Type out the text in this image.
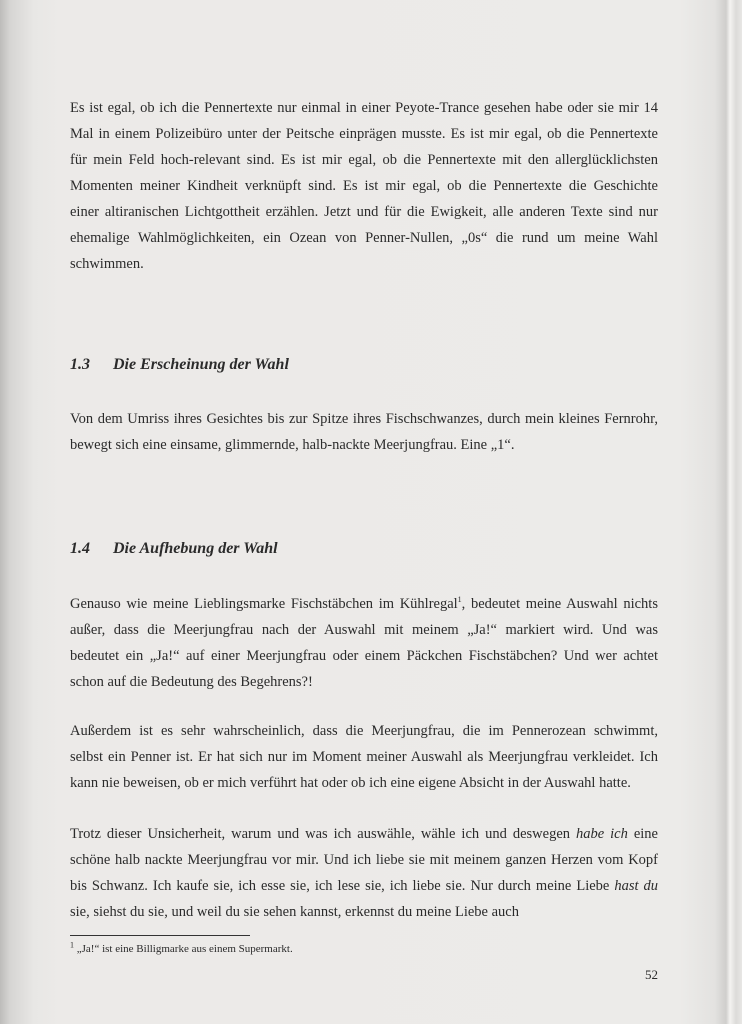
Es ist egal, ob ich die Pennertexte nur einmal in einer Peyote-Trance gesehen habe oder sie mir 14
Mal in einem Polizeibüro unter der Peitsche einprägen musste. Es ist mir egal, ob die Pennertexte
für mein Feld hoch-relevant sind. Es ist mir egal, ob die Pennertexte mit den allerglücklichsten
Momenten meiner Kindheit verknüpft sind. Es ist mir egal, ob die Pennertexte die Geschichte
einer altiranischen Lichtgottheit erzählen. Jetzt und für die Ewigkeit, alle anderen Texte sind nur
ehemalige Wahlmöglichkeiten, ein Ozean von Penner-Nullen, „0s“ die rund um meine Wahl
schwimmen.
1.3 Die Erscheinung der Wahl
Von dem Umriss ihres Gesichtes bis zur Spitze ihres Fischschwanzes, durch mein kleines Fernrohr,
bewegt sich eine einsame, glimmernde, halb-nackte Meerjungfrau. Eine „1“.
1.4 Die Aufhebung der Wahl
Genauso wie meine Lieblingsmarke Fischstäbchen im Kühlregal$^1$, bedeutet meine Auswahl nichts
außer, dass die Meerjungfrau nach der Auswahl mit meinem „Ja!“ markiert wird. Und was
bedeutet ein „Ja!“ auf einer Meerjungfrau oder einem Päckchen Fischstäbchen? Und wer achtet
schon auf die Bedeutung des Begehrens?!
Außerdem ist es sehr wahrscheinlich, dass die Meerjungfrau, die im Pennerozean schwimmt,
selbst ein Penner ist. Er hat sich nur im Moment meiner Auswahl als Meerjungfrau verkleidet. Ich
kann nie beweisen, ob er mich verführt hat oder ob ich eine eigene Absicht in der Auswahl hatte.
Trotz dieser Unsicherheit, warum und was ich auswähle, wähle ich und deswegen habe ich eine
schöne halb nackte Meerjungfrau vor mir. Und ich liebe sie mit meinem ganzen Herzen vom Kopf
bis Schwanz. Ich kaufe sie, ich esse sie, ich lese sie, ich liebe sie. Nur durch meine Liebe hast du
sie, siehst du sie, und weil du sie sehen kannst, erkennst du meine Liebe auch
$^1$ „Ja!“ ist eine Billigmarke aus einem Supermarkt.
52
